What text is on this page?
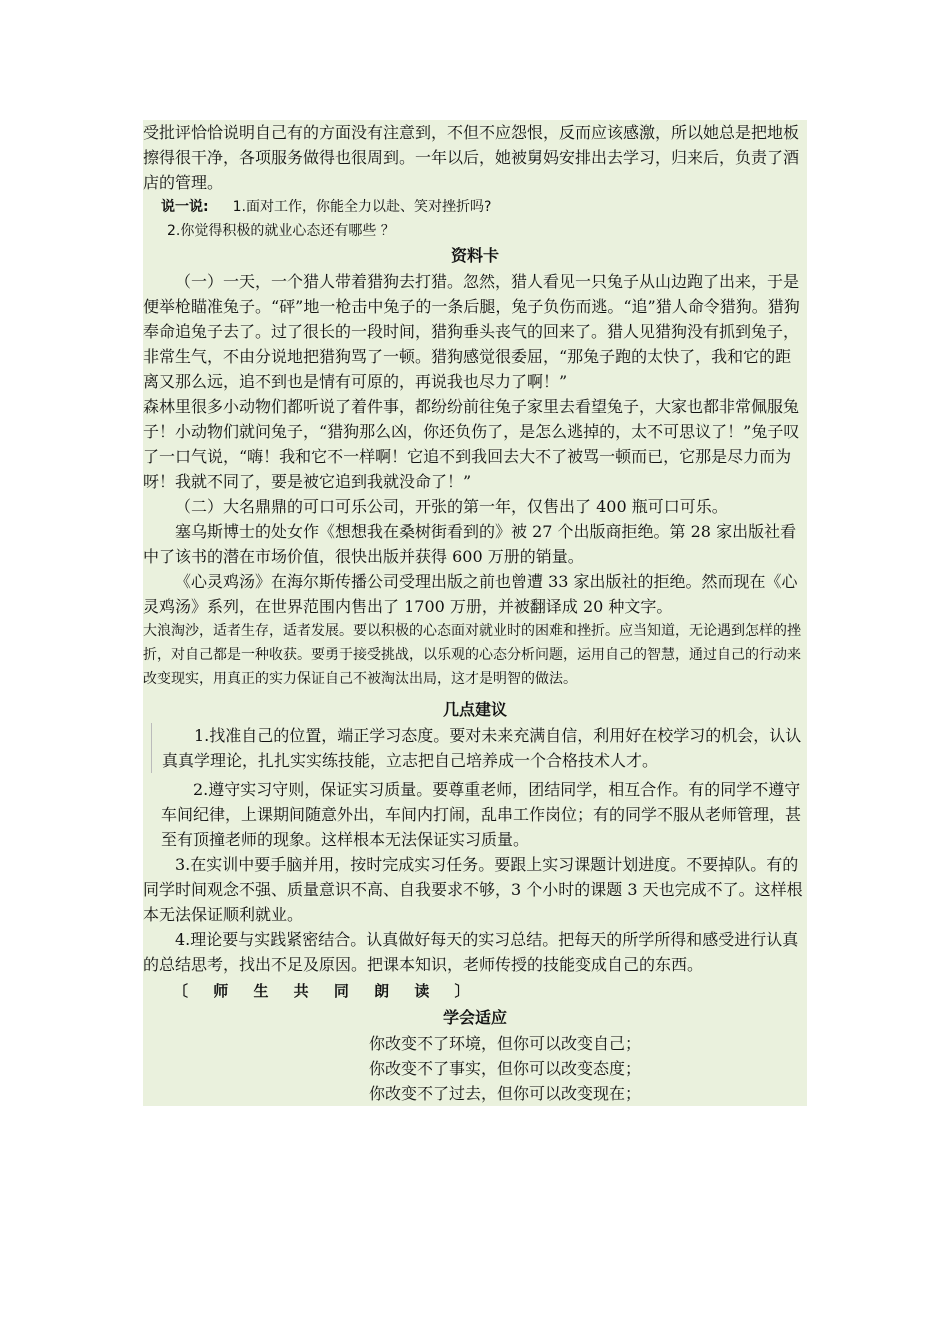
受批评恰恰说明自己有的方面没有注意到，不但不应怨恨，反而应该感激，所以她总是把地板擦得很干净，各项服务做得也很周到。一年以后，她被舅妈安排出去学习，归来后，负责了酒店的管理。

说一说: 1.面对工作，你能全力以赴、笑对挫折吗?
2.你觉得积极的就业心态还有哪些 ？
资料卡

（一）一天，一个猎人带着猎狗去打猎。忽然，猎人看见一只兔子从山边跑了出来，于是便举枪瞄准兔子。“砰”地一枪击中兔子的一条后腿，兔子负伤而逃。“追”猎人命令猎狗。猎狗奉命追兔子去了。过了很长的一段时间，猎狗垂头丧气的回来了。猎人见猎狗没有抓到兔子，非常生气，不由分说地把猎狗骂了一顿。猎狗感觉很委屈，“那兔子跑的太快了，我和它的距离又那么远，追不到也是情有可原的，再说我也尽力了啊！”

森林里很多小动物们都听说了着件事，都纷纷前往兔子家里去看望兔子，大家也都非常佩服兔子！小动物们就问兔子，“猎狗那么凶，你还负伤了，是怎么逃掉的，太不可思议了！”兔子叹了一口气说，“嗨！我和它不一样啊！它追不到我回去大不了被骂一顿而已，它那是尽力而为呀！我就不同了，要是被它追到我就没命了！”

（二）大名鼎鼎的可口可乐公司，开张的第一年，仅售出了 400 瓶可口可乐。

塞乌斯博士的处女作《想想我在桑树街看到的》被 27 个出版商拒绝。第 28 家出版社看中了该书的潜在市场价值，很快出版并获得 600 万册的销量。

《心灵鸡汤》在海尔斯传播公司受理出版之前也曾遭 33 家出版社的拒绝。然而现在《心灵鸡汤》系列，在世界范围内售出了 1700 万册，并被翻译成 20 种文字。

大浪淘沙，适者生存，适者发展。要以积极的心态面对就业时的困难和挫折。应当知道，无论遇到怎样的挫折，对自己都是一种收获。要勇于接受挑战，以乐观的心态分析问题，运用自己的智慧，通过自己的行动来改变现实，用真正的实力保证自己不被淘汰出局，这才是明智的做法。

几点建议

1.找准自己的位置，端正学习态度。要对未来充满自信，利用好在校学习的机会，认认真真学理论，扎扎实实练技能，立志把自己培养成一个合格技术人才。

2.遵守实习守则，保证实习质量。要尊重老师，团结同学，相互合作。有的同学不遵守车间纪律，上课期间随意外出，车间内打闹，乱串工作岗位；有的同学不服从老师管理，甚至有顶撞老师的现象。这样根本无法保证实习质量。

3.在实训中要手脑并用，按时完成实习任务。要跟上实习课题计划进度。不要掉队。有的同学时间观念不强、质量意识不高、自我要求不够，3 个小时的课题 3 天也完成不了。这样根本无法保证顺利就业。

4.理论要与实践紧密结合。认真做好每天的实习总结。把每天的所学所得和感受进行认真的总结思考，找出不足及原因。把课本知识，老师传授的技能变成自己的东西。

〔 师 生 共 同 朗 读 〕
学会适应
你改变不了环境，但你可以改变自己；
你改变不了事实，但你可以改变态度；
你改变不了过去，但你可以改变现在；
